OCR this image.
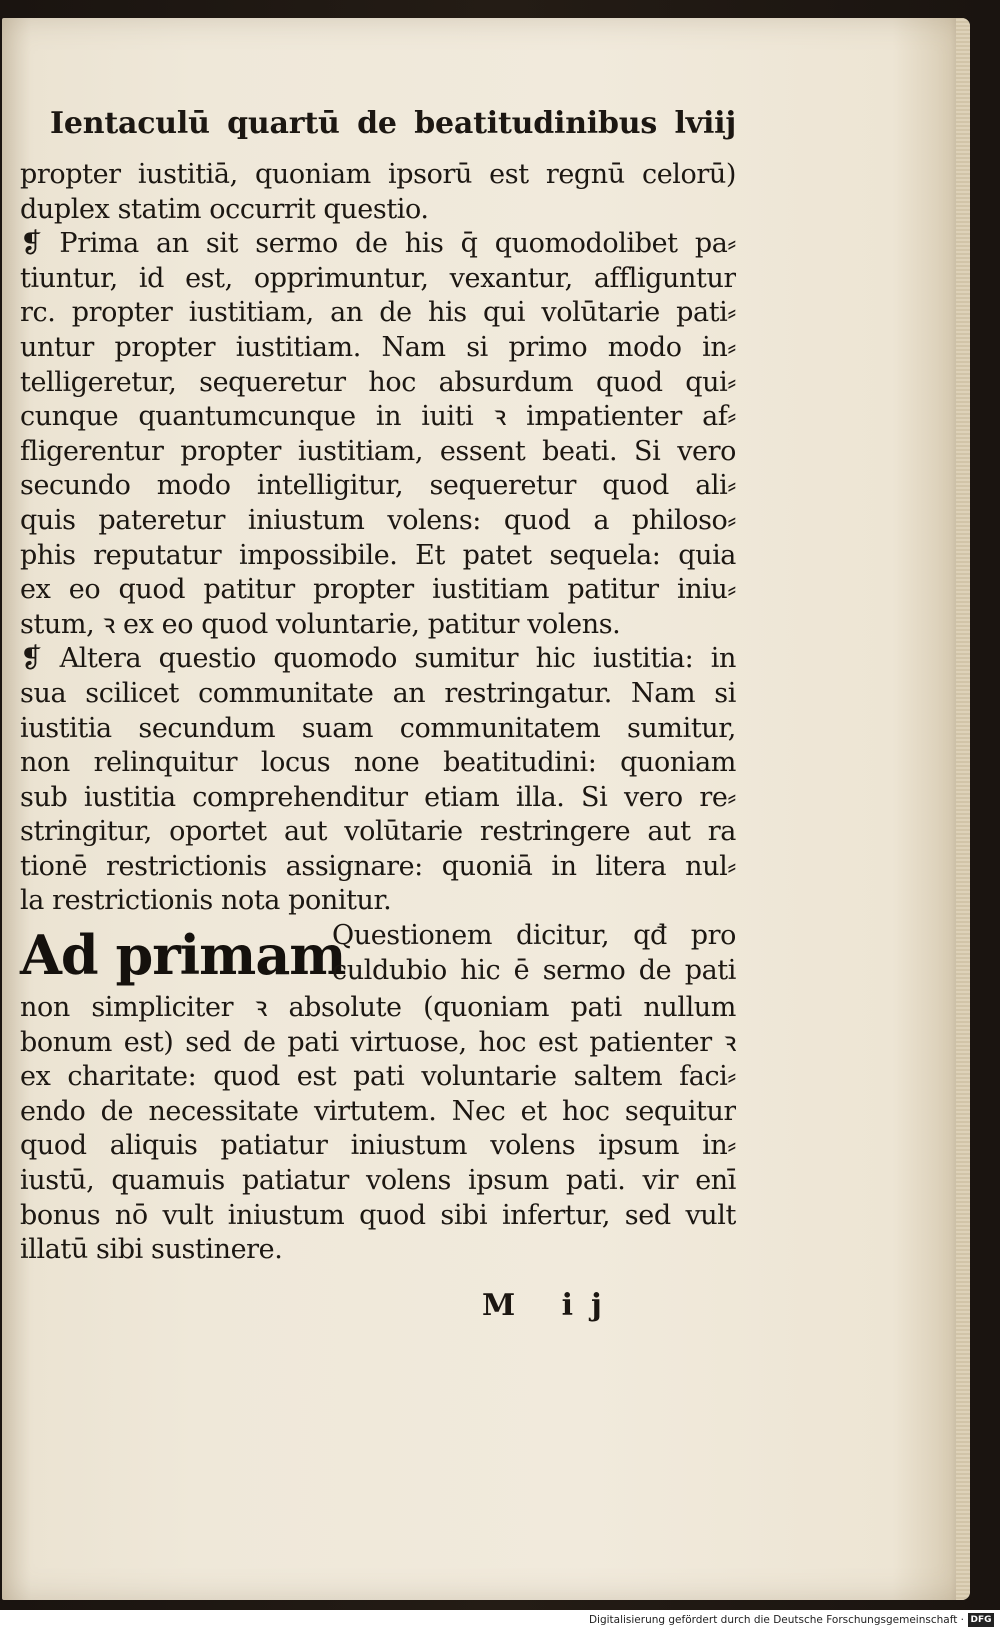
Ientaculū quartū de beatitudinibus lviij
propter iustitiā, quoniam ipsorū est regnū celorū)
duplex statim occurrit questio.
❡ Prima an sit sermo de his q̄ quomodolibet pa⸗
tiuntur, id est, opprimuntur, vexantur, affliguntur
rc. propter iustitiam, an de his qui volūtarie pati⸗
untur propter iustitiam. Nam si primo modo in⸗
telligeretur, sequeretur hoc absurdum quod qui⸗
cunque quantumcunque in iuiti ꝛ impatienter af⸗
fligerentur propter iustitiam, essent beati. Si vero
secundo modo intelligitur, sequeretur quod ali⸗
quis pateretur iniustum volens: quod a philoso⸗
phis reputatur impossibile. Et patet sequela: quia
ex eo quod patitur propter iustitiam patitur iniu⸗
stum, ꝛ ex eo quod voluntarie, patitur volens.
❡ Altera questio quomodo sumitur hic iustitia: in
sua scilicet communitate an restringatur. Nam si
iustitia secundum suam communitatem sumitur,
non relinquitur locus none beatitudini: quoniam
sub iustitia comprehenditur etiam illa. Si vero re⸗
stringitur, oportet aut volūtarie restringere aut ra
tionē restrictionis assignare: quoniā in litera nul⸗
la restrictionis nota ponitur.
Ad primam
Questionem dicitur, qđ pro
culdubio hic ē sermo de pati
non simpliciter ꝛ absolute (quoniam pati nullum
bonum est) sed de pati virtuose, hoc est patienter ꝛ
ex charitate: quod est pati voluntarie saltem faci⸗
endo de necessitate virtutem. Nec et hoc sequitur
quod aliquis patiatur iniustum volens ipsum in⸗
iustū, quamuis patiatur volens ipsum pati. vir enī
bonus nō vult iniustum quod sibi infertur, sed vult
illatū sibi sustinere.
M ij
Digitalisierung gefördert durch die Deutsche Forschungsgemeinschaft · DFG
